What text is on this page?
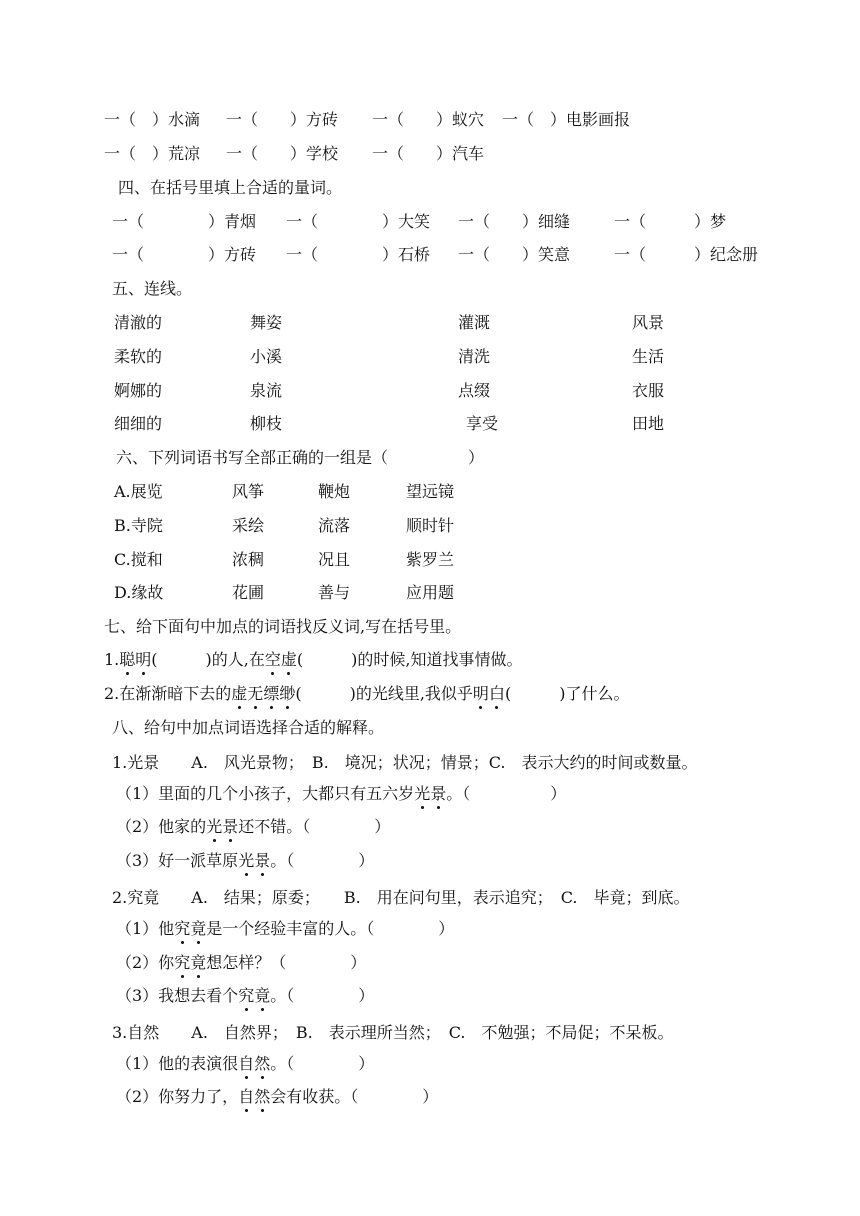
一（　）水滴 一（　　）方砖 一（　　）蚁穴 一（　）电影画报
一（　）荒凉 一（　　）学校 一（　　）汽车
四、在括号里填上合适的量词。
一（　　　　）青烟 一（　　　　）大笑 一（　　）细缝	一（　　　）梦
一（　　　　）方砖 一（　　　　）石桥 一（　　）笑意	一（　　　）纪念册
五、连线。
清澈的	舞姿	灌溉	风景
柔软的	小溪	清洗	生活
婀娜的	泉流	点缀	衣服
细细的	柳枝	享受	田地
六、下列词语书写全部正确的一组是（　　　　　）
A.展览	风筝	鞭炮	望远镜
B.寺院	采绘	流落	顺时针
C.搅和	浓稠	况且	紫罗兰
D.缘故	花圃	善与	应用题
七、给下面句中加点的词语找反义词,写在括号里。
1.聪明(　　　)的人,在空虚(　　　)的时候,知道找事情做。
2.在渐渐暗下去的虚无缥缈(　　　)的光线里,我似乎明白(　　　)了什么。
八、给句中加点词语选择合适的解释。
1.光景　　A.　风光景物；　B.　境况；状况；情景；C.　表示大约的时间或数量。
（1）里面的几个小孩子，大都只有五六岁光景。（　　　　　）
（2）他家的光景还不错。（　　　　）
（3）好一派草原光景。（　　　　）
2.究竟　　A.　结果；原委；　　B.　用在问句里，表示追究；　C.　毕竟；到底。
（1）他究竟是一个经验丰富的人。（　　　　）
（2）你究竟想怎样？（　　　　）
（3）我想去看个究竟。（　　　　）
3.自然　　A.　自然界；　B.　表示理所当然；　C.　不勉强；不局促；不呆板。
（1）他的表演很自然。（　　　　）
（2）你努力了，自然会有收获。（　　　　）
